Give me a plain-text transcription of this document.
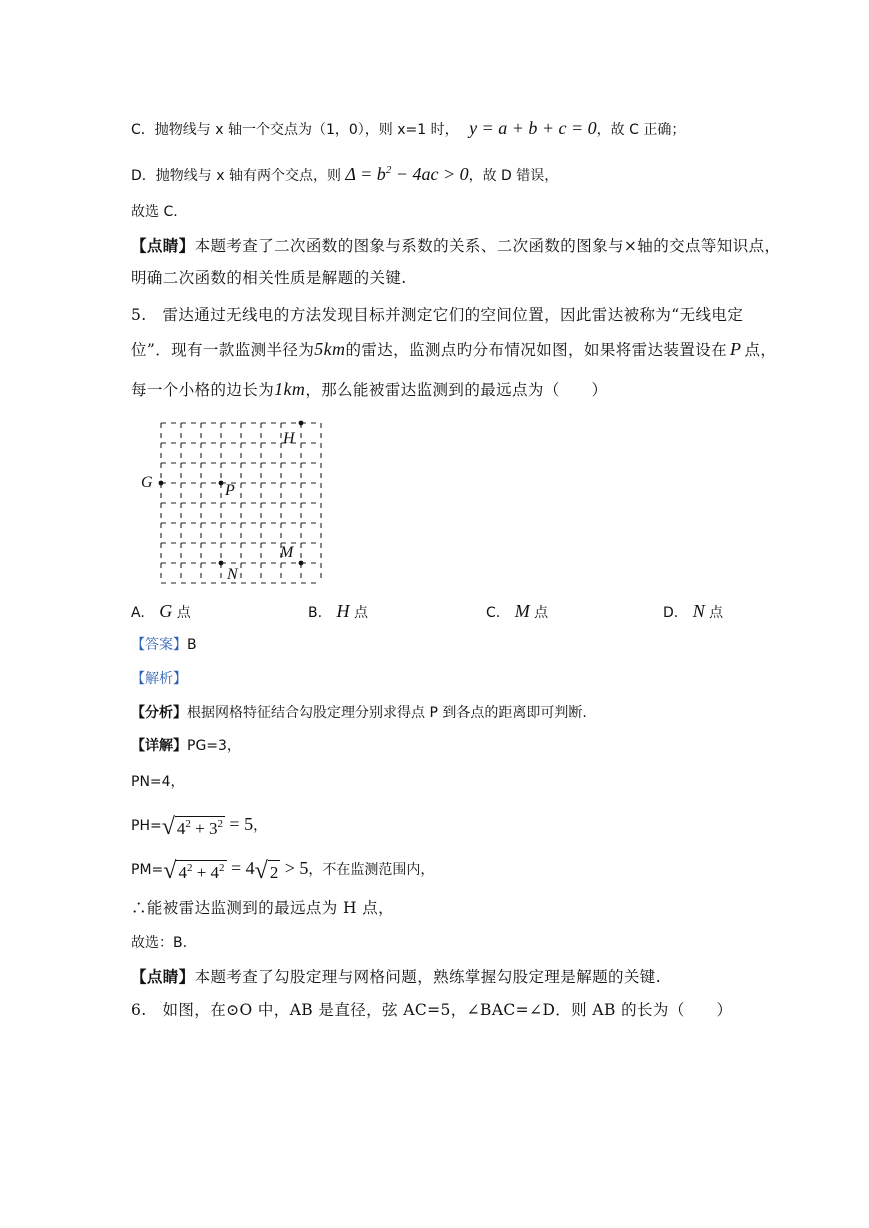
C．抛物线与 x 轴一个交点为（1，0），则 x=1 时， y = a + b + c = 0，故 C 正确；
D．抛物线与 x 轴有两个交点，则 $\Delta = b^2 - 4ac > 0$，故 D 错误，
故选 C.
【点睛】本题考查了二次函数的图象与系数的关系、二次函数的图象与×轴的交点等知识点，
明确二次函数的相关性质是解题的关键.
5.　雷达通过无线电的方法发现目标并测定它们的空间位置，因此雷达被称为“无线电定
位”．现有一款监测半径为5km的雷达，监测点旳分布情况如图，如果将雷达装置设在 P 点，
每一个小格的边长为1km，那么能被雷达监测到的最远点为（　　）
G	P
H
M
N
A. G 点	B. H 点	C. M 点	D. N 点
【答案】B
【解析】
【分析】根据网格特征结合勾股定理分别求得点 P 到各点的距离即可判断.
【详解】PG=3，
PN=4，
PH=√ $4^2 + 3^2 = 5$，
PM=√ $4^2 + 4^2 = 4√$ 2 > 5，不在监测范围内，
∴能被雷达监测到的最远点为 H 点，
故选：B.
【点睛】本题考查了勾股定理与网格问题，熟练掌握勾股定理是解题的关键.
6.　如图，在⊙O 中，AB 是直径，弦 AC=5，∠BAC=∠D．则 AB 的长为（　　）
